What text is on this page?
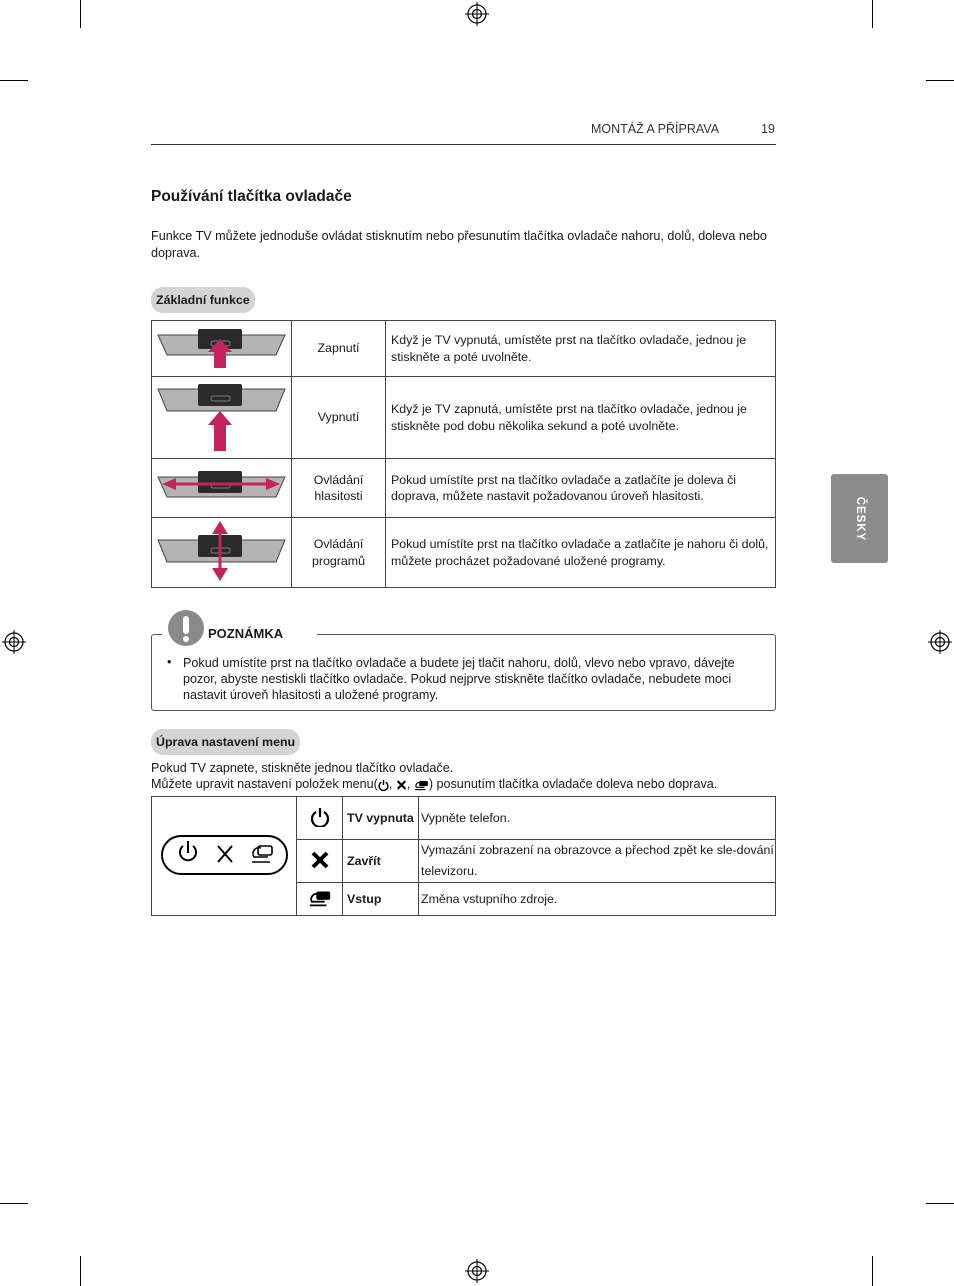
MONTÁŽ A PŘÍPRAVA	19
ČESKY
Používání tlačítka ovladače
Funkce TV můžete jednoduše ovládat stisknutím nebo přesunutím tlačítka ovladače nahoru, dolů, doleva nebo doprava.
Základní funkce
	Zapnutí	Když je TV vypnutá, umístěte prst na tlačítko ovladače, jednou je stiskněte a poté uvolněte.
	Vypnutí	Když je TV zapnutá, umístěte prst na tlačítko ovladače, jednou je stiskněte pod dobu několika sekund a poté uvolněte.
	Ovládání hlasitosti	Pokud umístíte prst na tlačítko ovladače a zatlačíte je doleva či doprava, můžete nastavit požadovanou úroveň hlasitosti.
	Ovládání programů	Pokud umístíte prst na tlačítko ovladače a zatlačíte je nahoru či dolů, můžete procházet požadované uložené programy.
POZNÁMKA
• Pokud umístíte prst na tlačítko ovladače a budete jej tlačit nahoru, dolů, vlevo nebo vpravo, dávejte pozor, abyste nestiskli tlačítko ovladače. Pokud nejprve stiskněte tlačítko ovladače, nebudete moci nastavit úroveň hlasitosti a uložené programy.
Úprava nastavení menu
Pokud TV zapnete, stiskněte jednou tlačítko ovladače.
Můžete upravit nastavení položek menu( , , ) posunutím tlačítka ovladače doleva nebo doprava.
		TV vypnuta	Vypněte telefon.
	Zavřít	Vymazání zobrazení na obrazovce a přechod zpět ke sle-dování televizoru.
	Vstup	Změna vstupního zdroje.
